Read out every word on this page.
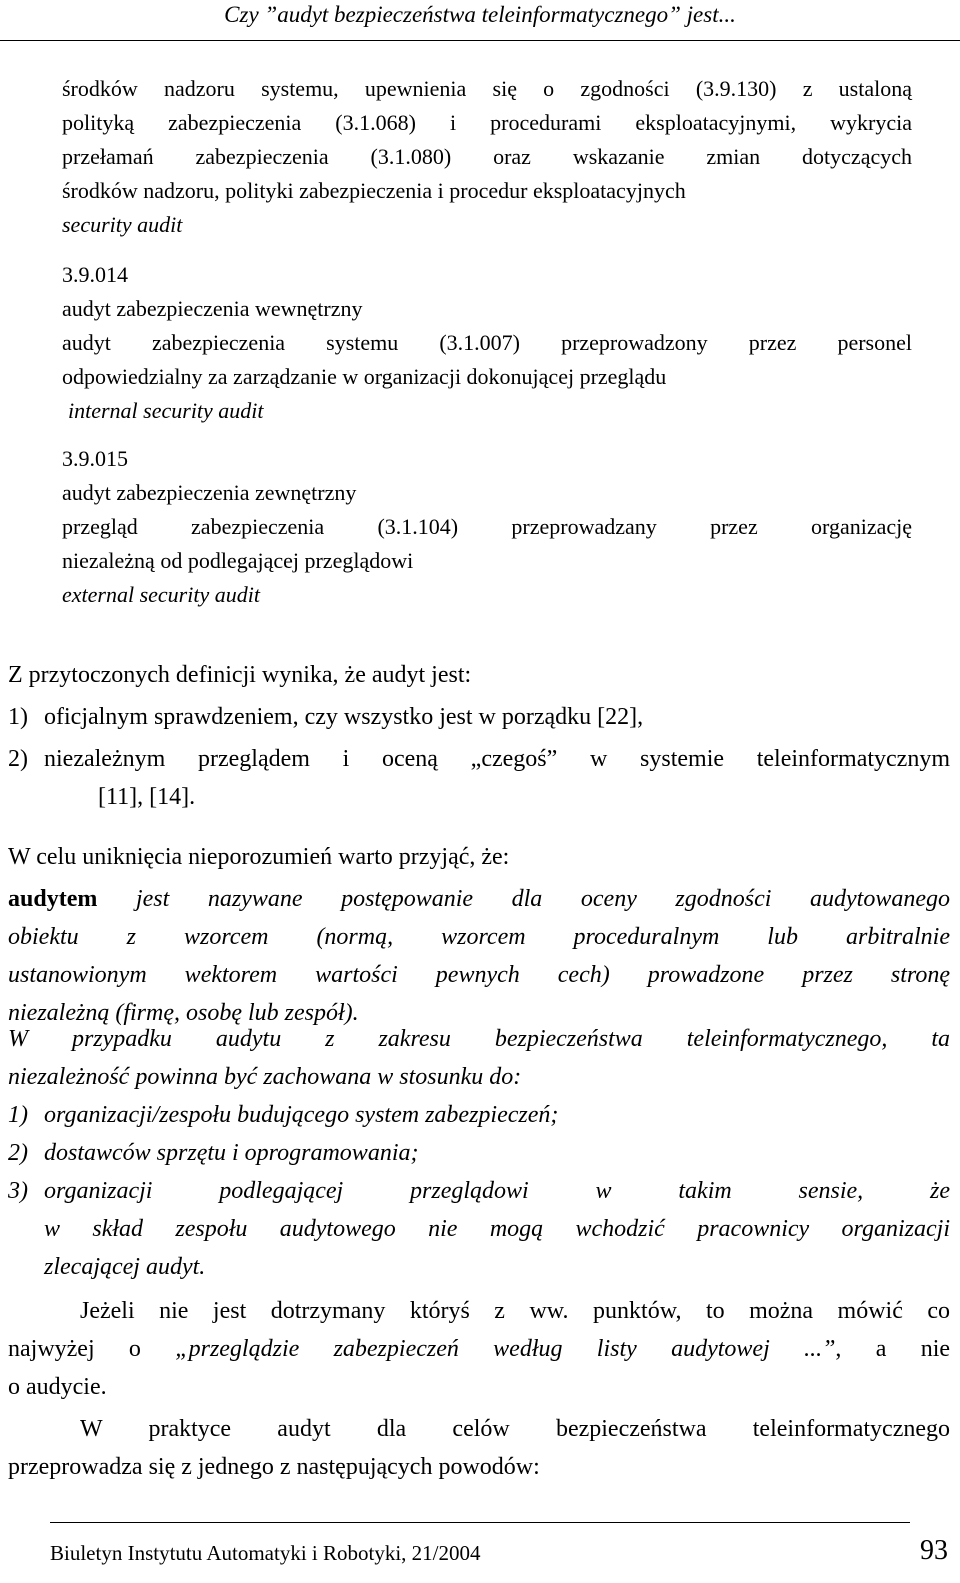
Czy ”audyt bezpieczeństwa teleinformatycznego” jest...
środków nadzoru systemu, upewnienia się o zgodności (3.9.130) z ustaloną
polityką zabezpieczenia (3.1.068) i procedurami eksploatacyjnymi, wykrycia
przełamań zabezpieczenia (3.1.080) oraz wskazanie zmian dotyczących
środków nadzoru, polityki zabezpieczenia i procedur eksploatacyjnych
security audit
3.9.014
audyt zabezpieczenia wewnętrzny
audyt zabezpieczenia systemu (3.1.007) przeprowadzony przez personel
odpowiedzialny za zarządzanie w organizacji dokonującej przeglądu
internal security audit
3.9.015
audyt zabezpieczenia zewnętrzny
przegląd zabezpieczenia (3.1.104) przeprowadzany przez organizację
niezależną od podlegającej przeglądowi
external security audit
Z przytoczonych definicji wynika, że audyt jest:
1) oficjalnym sprawdzeniem, czy wszystko jest w porządku [22],
2) niezależnym przeglądem i oceną „czegoś” w systemie teleinformatycznym
[11], [14].
W celu uniknięcia nieporozumień warto przyjąć, że:
audytem jest nazywane postępowanie dla oceny zgodności audytowanego
obiektu z wzorcem (normą, wzorcem proceduralnym lub arbitralnie
ustanowionym wektorem wartości pewnych cech) prowadzone przez stronę
niezależną (firmę, osobę lub zespół).
W przypadku audytu z zakresu bezpieczeństwa teleinformatycznego, ta
niezależność powinna być zachowana w stosunku do:
1) organizacji/zespołu budującego system zabezpieczeń;
2) dostawców sprzętu i oprogramowania;
3) organizacji podlegającej przeglądowi w takim sensie, że
w skład zespołu audytowego nie mogą wchodzić pracownicy organizacji
zlecającej audyt.
Jeżeli nie jest dotrzymany któryś z ww. punktów, to można mówić co
najwyżej o „przeglądzie zabezpieczeń według listy audytowej ...”, a nie
o audycie.
W praktyce audyt dla celów bezpieczeństwa teleinformatycznego
przeprowadza się z jednego z następujących powodów:
Biuletyn Instytutu Automatyki i Robotyki, 21/2004	93
